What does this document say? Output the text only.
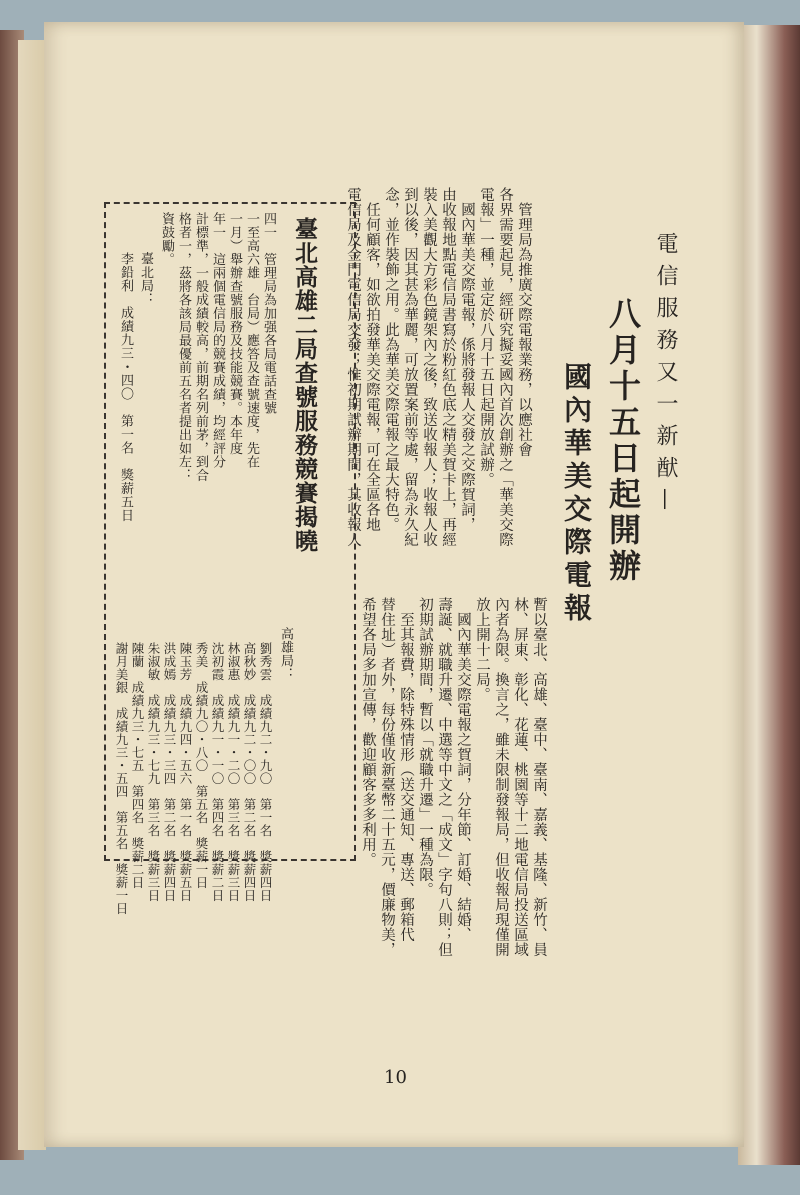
電信服務又一新猷—
八月十五日起開辦
國內華美交際電報
　管理局為推廣交際電報業務，以應社會
各界需要起見，經研究擬妥國內首次創辦之「華美交際
電報」一種，並定於八月十五日起開放試辦。
　國內華美交際電報，係將發報人交發之交際賀詞，
由收報地點電信局書寫於粉紅色底之精美賀卡上，再經
裝入美觀大方彩色鏡架內之後，致送收報人；收報人收
到以後，因其甚為華麗，可放置案前等處，留為永久紀
念，並作裝飾之用。此為華美交際電報之最大特色。
　任何顧客，如欲拍發華美交際電報，可在全區各地
電信局及金門電信局交發；惟初期試辦期間，其收報人
暫以臺北、高雄、臺中、臺南、嘉義、基隆、新竹、員
林、屏東、彰化、花蓮、桃園等十二地電信局投送區域
內者為限。換言之，雖未限制發報局，但收報局現僅開
放上開十二局。
　國內華美交際電報之賀詞，分年節、訂婚、結婚、
壽誕、就職升遷、中選等中文之「成文」字句八則；但
初期試辦期間，暫以「就職升遷」一種為限。
　至其報費，除特殊情形（送交通知、專送、郵箱代
替住址）者外，每份僅收新臺幣二十五元，價廉物美，
希望各局多加宣傳，歡迎顧客多多利用。
臺北高雄二局查號服務競賽揭曉
四一　管理局為加强各局電話查號
一至高六雄　台局）應答及查號速度，先在
一月）舉辦查號服務及技能競賽。本年度
年一　這兩個電信局的競賽成績，均經評分
計標準，一般成績較高，前期名列前茅，到合
格者一，茲將各該局最優前五名者提出如左：
資鼓勵。
臺北局：
李鉛利　成績九三・四〇　第一名　獎薪五日
高雄局：
劉秀雲　成績九二・九〇　第一名　獎薪四日
高秋妙　成績九二・〇〇　第二名　獎薪四日
林淑惠　成績九一・二〇　第三名　獎薪三日
沈初霞　成績九一・一〇　第四名　獎薪二日
秀美　成績九〇・八〇　第五名　獎薪一日
陳玉芳　成績九四・五六　第一名　獎薪五日
洪成嫣　成績九三・三四　第二名　獎薪四日
朱淑敏　成績九三・七九　第三名　獎薪三日
陳蘭　成績九三・七五　第四名　獎薪二日
謝月美銀　成績九三・五四　第五名　獎薪一日
10
